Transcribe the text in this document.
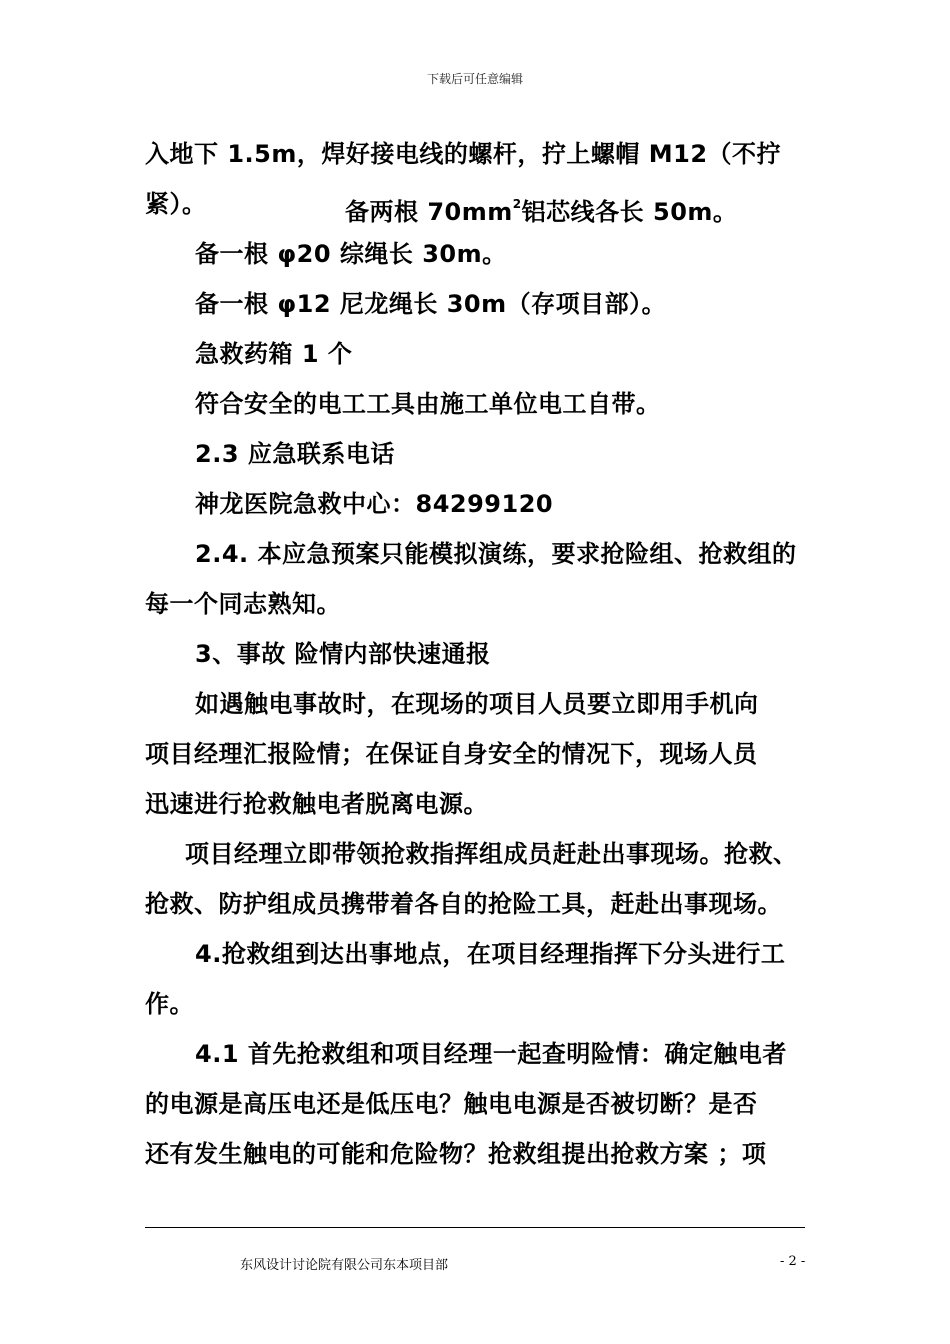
下载后可任意编辑
入地下 1.5m，焊好接电线的螺杆，拧上螺帽 M12（不拧
紧）。	备两根 $70mm^2$铝芯线各长 50m。
备一根 φ20 综绳长 30m。
备一根 φ12 尼龙绳长 30m（存项目部）。
急救药箱 1 个
符合安全的电工工具由施工单位电工自带。
2.3 应急联系电话
神龙医院急救中心：84299120
2.4. 本应急预案只能模拟演练，要求抢险组、抢救组的
每一个同志熟知。
3、事故 险情内部快速通报
如遇触电事故时，在现场的项目人员要立即用手机向
项目经理汇报险情；在保证自身安全的情况下，现场人员
迅速进行抢救触电者脱离电源。
项目经理立即带领抢救指挥组成员赶赴出事现场。抢救、
抢救、防护组成员携带着各自的抢险工具，赶赴出事现场。
4.抢救组到达出事地点，在项目经理指挥下分头进行工
作。
4.1 首先抢救组和项目经理一起查明险情：确定触电者
的电源是高压电还是低压电？触电电源是否被切断？是否
还有发生触电的可能和危险物？抢救组提出抢救方案 ；项
东风设计讨论院有限公司东本项目部	- 2 -
